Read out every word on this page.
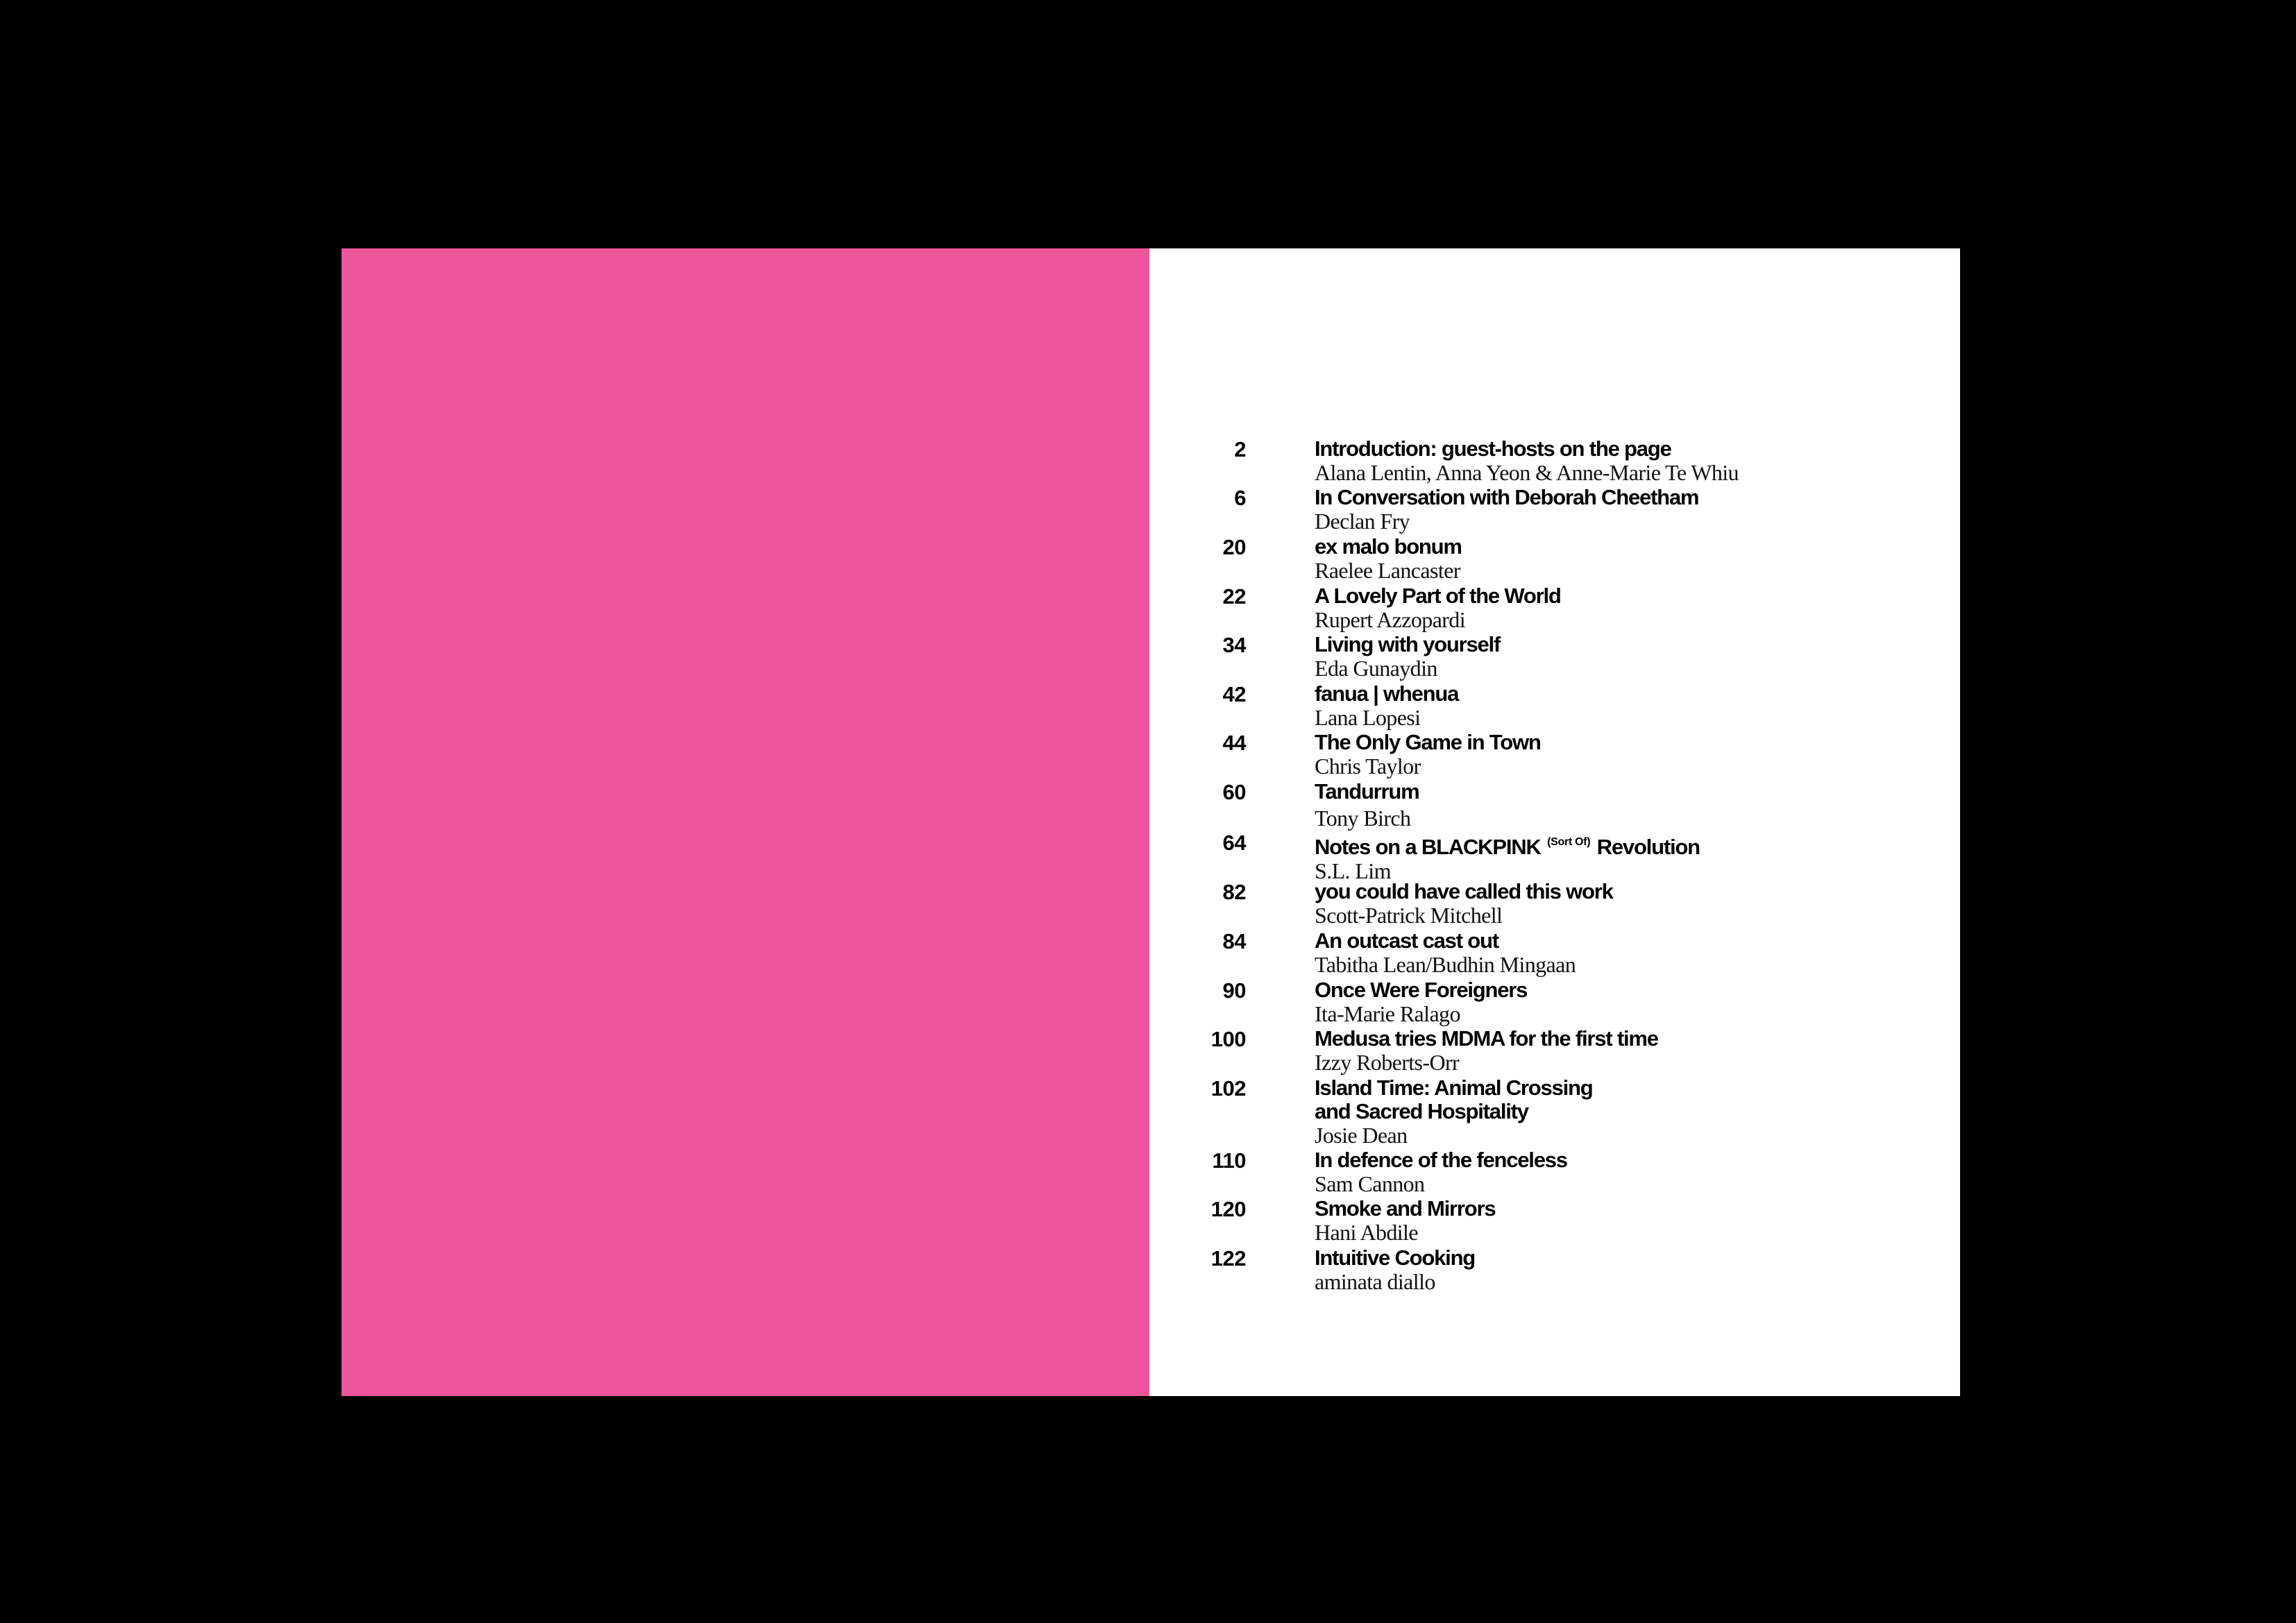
2	Introduction: guest-hosts on the page
Alana Lentin, Anna Yeon & Anne-Marie Te Whiu
6	In Conversation with Deborah Cheetham
Declan Fry
20	ex malo bonum
Raelee Lancaster
22	A Lovely Part of the World
Rupert Azzopardi
34	Living with yourself
Eda Gunaydin
42	fanua | whenua
Lana Lopesi
44	The Only Game in Town
Chris Taylor
60	Tandurrum
Tony Birch
64	Notes on a BLACKPINK $^{(Sort Of)}$ Revolution
S.L. Lim
82	you could have called this work
Scott-Patrick Mitchell
84	An outcast cast out
Tabitha Lean/Budhin Mingaan
90	Once Were Foreigners
Ita-Marie Ralago
100	Medusa tries MDMA for the first time
Izzy Roberts-Orr
102	Island Time: Animal Crossing
and Sacred Hospitality
Josie Dean
110	In defence of the fenceless
Sam Cannon
120	Smoke and Mirrors
Hani Abdile
122	Intuitive Cooking
aminata diallo
